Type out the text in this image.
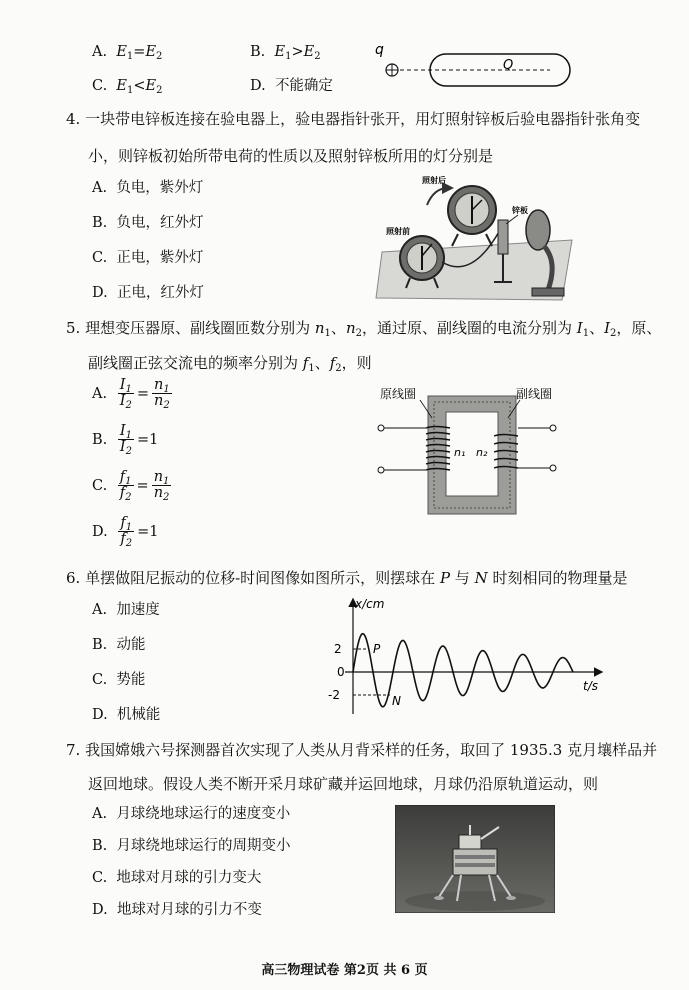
A. $E_1=E_2$	B. $E_1>E_2$
C. $E_1<E_2$	D. 不能确定
q
Q
4. 一块带电锌板连接在验电器上，验电器指针张开，用灯照射锌板后验电器指针张角变
小，则锌板初始所带电荷的性质以及照射锌板所用的灯分别是
A. 负电，紫外灯
B. 负电，红外灯
C. 正电，紫外灯
D. 正电，红外灯
照射后
照射前
锌板
5. 理想变压器原、副线圈匝数分别为 $n_1$、$n_2$，通过原、副线圈的电流分别为 $I_1$、$I_2$，原、
副线圈正弦交流电的频率分别为 $f_1$、$f_2$，则
A.
$\frac{I_1}{I_2} = \frac{n_1}{n_2}$
B.
$\frac{I_1}{I_2} =1$
C.
$\frac{f_1}{f_2} = \frac{n_1}{n_2}$
D.
$\frac{f_1}{f_2} =1$
原线圈	副线圈
n₁ n₂
6. 单摆做阻尼振动的位移-时间图像如图所示，则摆球在 P 与 N 时刻相同的物理量是
A. 加速度
B. 动能
C. 势能
D. 机械能
x/cm
t/s
2
0
-2
P
N
7. 我国嫦娥六号探测器首次实现了人类从月背采样的任务，取回了 1935.3 克月壤样品并
返回地球。假设人类不断开采月球矿藏并运回地球，月球仍沿原轨道运动，则
A. 月球绕地球运行的速度变小
B. 月球绕地球运行的周期变小
C. 地球对月球的引力变大
D. 地球对月球的引力不变
高三物理试卷 第2页 共 6 页
